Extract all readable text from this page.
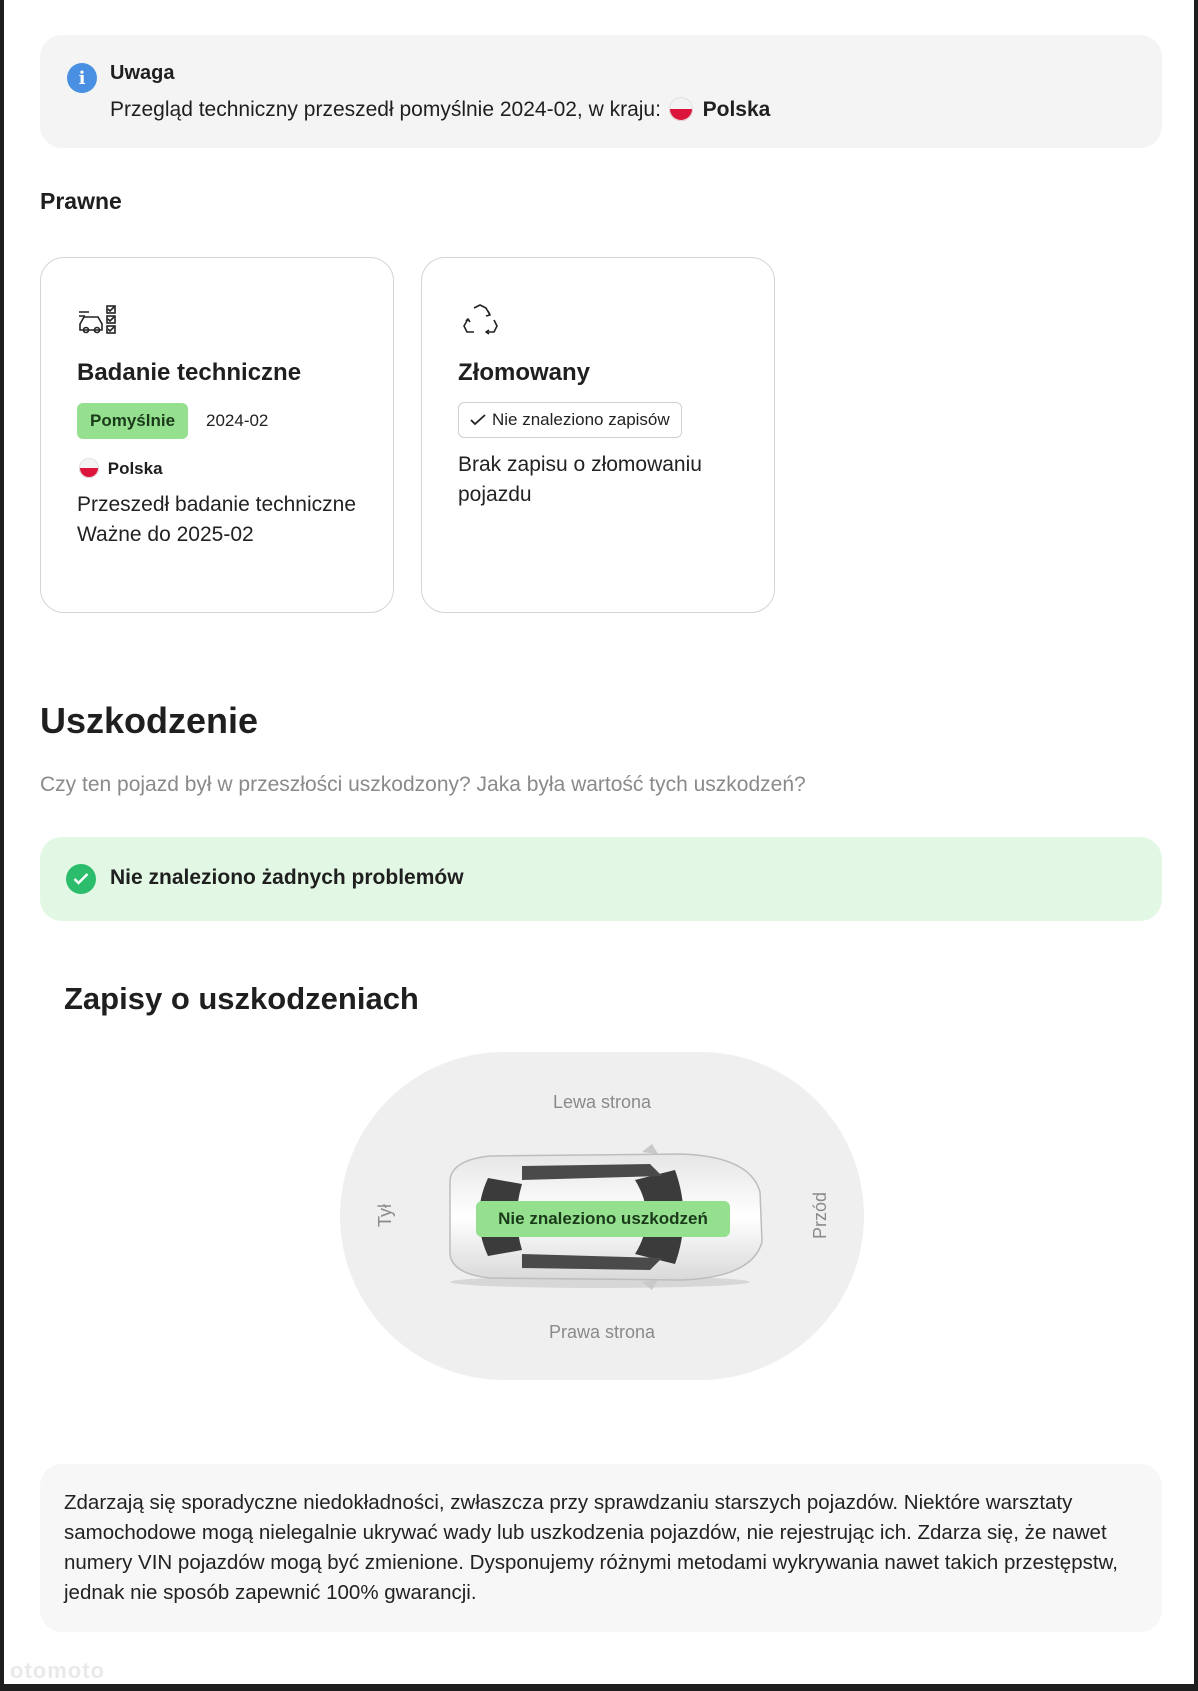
i	Uwaga
Przegląd techniczny przeszedł pomyślnie 2024-02, w kraju: Polska
Prawne
Badanie techniczne
Pomyślnie	2024-02
Polska
Przeszedł badanie techniczne
Ważne do 2025-02
Złomowany
Nie znaleziono zapisów
Brak zapisu o złomowaniu pojazdu
Uszkodzenie
Czy ten pojazd był w przeszłości uszkodzony? Jaka była wartość tych uszkodzeń?
Nie znaleziono żadnych problemów
Zapisy o uszkodzeniach
Lewa strona
Prawa strona
Tył	Przód
Nie znaleziono uszkodzeń
Zdarzają się sporadyczne niedokładności, zwłaszcza przy sprawdzaniu starszych pojazdów. Niektóre warsztaty samochodowe mogą nielegalnie ukrywać wady lub uszkodzenia pojazdów, nie rejestrując ich. Zdarza się, że nawet numery VIN pojazdów mogą być zmienione. Dysponujemy różnymi metodami wykrywania nawet takich przestępstw, jednak nie sposób zapewnić 100% gwarancji.
otomoto
